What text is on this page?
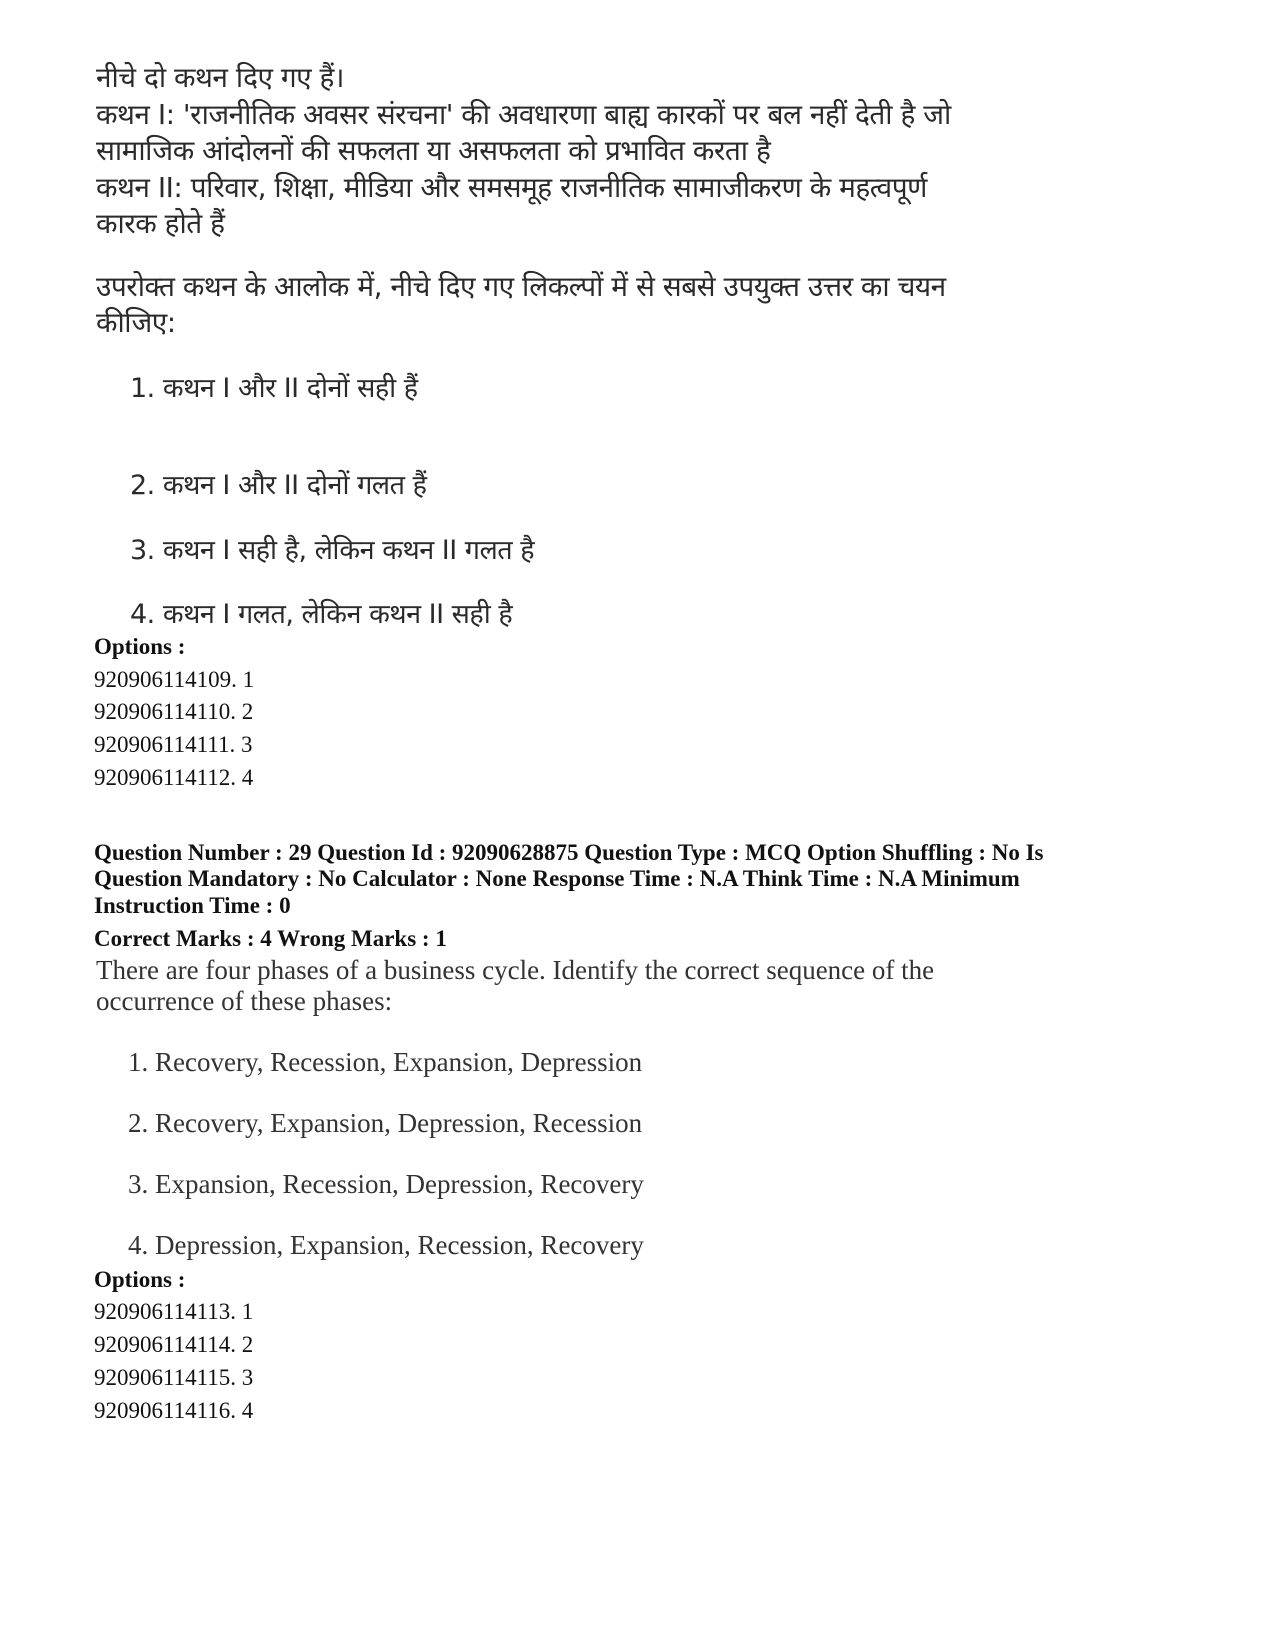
नीचे दो कथन दिए गए हैं।
कथन I: 'राजनीतिक अवसर संरचना' की अवधारणा बाह्य कारकों पर बल नहीं देती है जो
सामाजिक आंदोलनों की सफलता या असफलता को प्रभावित करता है
कथन II: परिवार, शिक्षा, मीडिया और समसमूह राजनीतिक सामाजीकरण के महत्वपूर्ण
कारक होते हैं
उपरोक्त कथन के आलोक में, नीचे दिए गए लिकल्पों में से सबसे उपयुक्त उत्तर का चयन
कीजिए:
1. कथन I और II दोनों सही हैं
2. कथन I और II दोनों गलत हैं
3. कथन I सही है, लेकिन कथन II गलत है
4. कथन I गलत, लेकिन कथन II सही है
Options :
920906114109. 1
920906114110. 2
920906114111. 3
920906114112. 4
Question Number : 29 Question Id : 92090628875 Question Type : MCQ Option Shuffling : No Is
Question Mandatory : No Calculator : None Response Time : N.A Think Time : N.A Minimum
Instruction Time : 0
Correct Marks : 4 Wrong Marks : 1
There are four phases of a business cycle. Identify the correct sequence of the
occurrence of these phases:
1. Recovery, Recession, Expansion, Depression
2. Recovery, Expansion, Depression, Recession
3. Expansion, Recession, Depression, Recovery
4. Depression, Expansion, Recession, Recovery
Options :
920906114113. 1
920906114114. 2
920906114115. 3
920906114116. 4
